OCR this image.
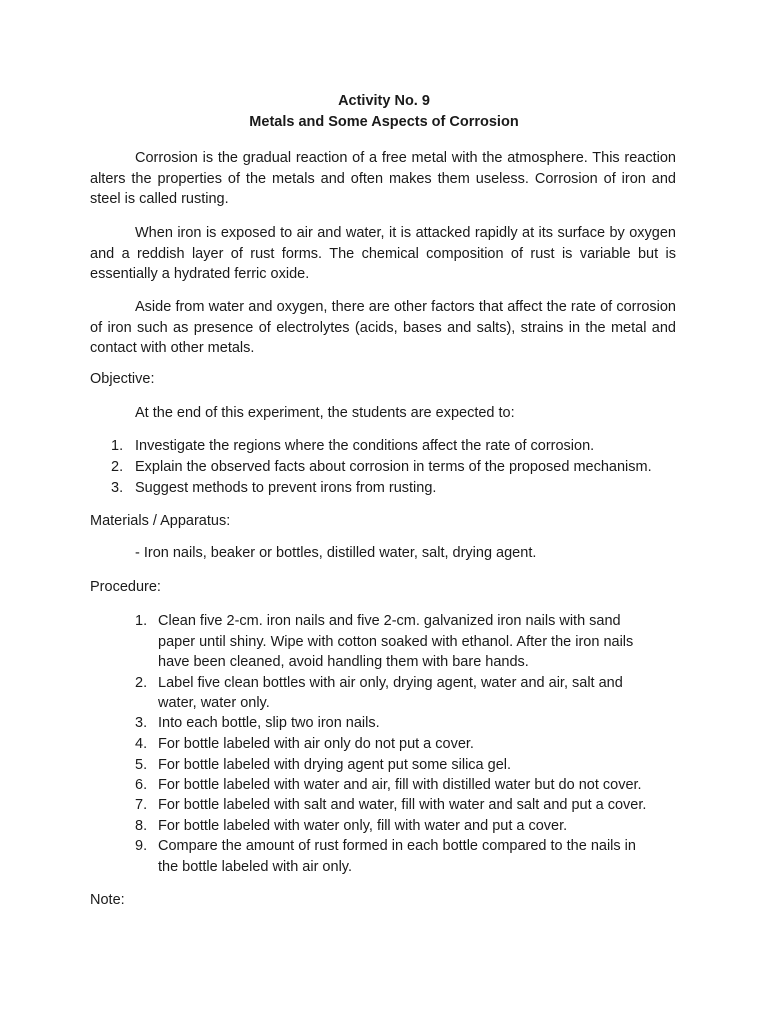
Activity No. 9
Metals and Some Aspects of Corrosion
Corrosion is the gradual reaction of a free metal with the atmosphere. This reaction alters the properties of the metals and often makes them useless. Corrosion of iron and steel is called rusting.
When iron is exposed to air and water, it is attacked rapidly at its surface by oxygen and a reddish layer of rust forms. The chemical composition of rust is variable but is essentially a hydrated ferric oxide.
Aside from water and oxygen, there are other factors that affect the rate of corrosion of iron such as presence of electrolytes (acids, bases and salts), strains in the metal and contact with other metals.
Objective:
At the end of this experiment, the students are expected to:
1. Investigate the regions where the conditions affect the rate of corrosion.
2. Explain the observed facts about corrosion in terms of the proposed mechanism.
3. Suggest methods to prevent irons from rusting.
Materials / Apparatus:
- Iron nails, beaker or bottles, distilled water, salt, drying agent.
Procedure:
1. Clean five 2-cm. iron nails and five 2-cm. galvanized iron nails with sand
paper until shiny. Wipe with cotton soaked with ethanol. After the iron nails
have been cleaned, avoid handling them with bare hands.
2. Label five clean bottles with air only, drying agent, water and air, salt and
water, water only.
3. Into each bottle, slip two iron nails.
4. For bottle labeled with air only do not put a cover.
5. For bottle labeled with drying agent put some silica gel.
6. For bottle labeled with water and air, fill with distilled water but do not cover.
7. For bottle labeled with salt and water, fill with water and salt and put a cover.
8. For bottle labeled with water only, fill with water and put a cover.
9. Compare the amount of rust formed in each bottle compared to the nails in
the bottle labeled with air only.
Note:
